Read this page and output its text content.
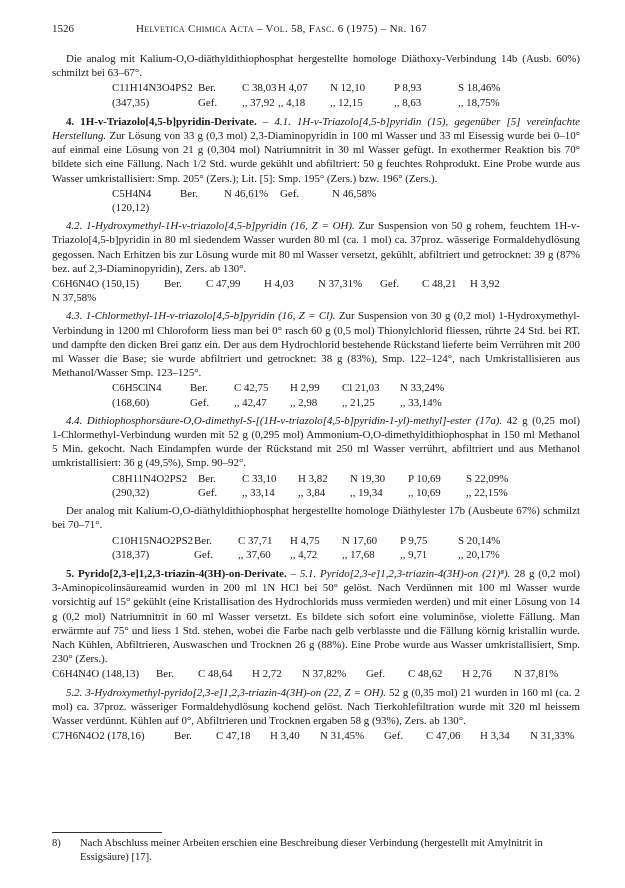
1526	Helvetica Chimica Acta – Vol. 58, Fasc. 6 (1975) – Nr. 167

Die analog mit Kalium-O,O-diäthyldithiophosphat hergestellte homologe Diäthoxy-Verbindung 14b (Ausb. 60%) schmilzt bei 63–67°.

C11H14N3O4PS2 Ber.	C 38,03 H 4,07	N 12,10	P 8,93	S 18,46%
(347,35)	Gef.	,, 37,92 ,, 4,18	,, 12,15	,, 8,63	,, 18,75%

4. 1H-v-Triazolo[4,5-b]pyridin-Derivate. – 4.1. 1H-v-Triazolo[4,5-b]pyridin (15), gegenüber [5] vereinfachte Herstellung. Zur Lösung von 33 g (0,3 mol) 2,3-Diaminopyridin in 100 ml Wasser und 33 ml Eisessig wurde bei 0–10° auf einmal eine Lösung von 21 g (0,304 mol) Natriumnitrit in 30 ml Wasser gefügt. In exothermer Reaktion bis 70° bildete sich eine Fällung. Nach 1/2 Std. wurde gekühlt und abfiltriert: 50 g feuchtes Rohprodukt. Eine Probe wurde aus Wasser umkristallisiert: Smp. 205° (Zers.); Lit. [5]: Smp. 195° (Zers.) bzw. 196° (Zers.).

C5H4N4	Ber.	N 46,61%	Gef.	N 46,58%
(120,12)

4.2. 1-Hydroxymethyl-1H-v-triazolo[4,5-b]pyridin (16, Z = OH). Zur Suspension von 50 g rohem, feuchtem 1H-v-Triazolo[4,5-b]pyridin in 80 ml siedendem Wasser wurden 80 ml (ca. 1 mol) ca. 37proz. wässerige Formaldehydlösung gegossen. Nach Erhitzen bis zur Lösung wurde mit 80 ml Wasser versetzt, gekühlt, abfiltriert und getrocknet: 39 g (87% bez. auf 2,3-Diaminopyridin), Zers. ab 130°.

C6H6N4O (150,15)	Ber.	C 47,99	H 4,03	N 37,31%	Gef.	C 48,21	H 3,92
N 37,58%

4.3. 1-Chlormethyl-1H-v-triazolo[4,5-b]pyridin (16, Z = Cl). Zur Suspension von 30 g (0,2 mol) 1-Hydroxymethyl-Verbindung in 1200 ml Chloroform liess man bei 0° rasch 60 g (0,5 mol) Thionylchlorid fliessen, rührte 24 Std. bei RT. und dampfte den dicken Brei ganz ein. Der aus dem Hydrochlorid bestehende Rückstand lieferte beim Verrühren mit 200 ml Wasser die Base; sie wurde abfiltriert und getrocknet: 38 g (83%), Smp. 122–124°, nach Umkristallisieren aus Methanol/Wasser Smp. 123–125°.

C6H5ClN4	Ber.	C 42,75	H 2,99	Cl 21,03	N 33,24%
(168,60)	Gef.	,, 42,47	,, 2,98	,, 21,25	,, 33,14%

4.4. Dithiophosphorsäure-O,O-dimethyl-S-[(1H-v-triazolo[4,5-b]pyridin-1-yl)-methyl]-ester (17a). 42 g (0,25 mol) 1-Chlormethyl-Verbindung wurden mit 52 g (0,295 mol) Ammonium-O,O-dimethyldithiophosphat in 150 ml Methanol 5 Min. gekocht. Nach Eindampfen wurde der Rückstand mit 250 ml Wasser verrührt, abfiltriert und aus Methanol umkristallisiert: 36 g (49,5%), Smp. 90–92°.

C8H11N4O2PS2 Ber.	C 33,10	H 3,82	N 19,30	P 10,69	S 22,09%
(290,32)	Gef.	,, 33,14	,, 3,84	,, 19,34	,, 10,69	,, 22,15%

Der analog mit Kalium-O,O-diäthyldithiophosphat hergestellte homologe Diäthylester 17b (Ausbeute 67%) schmilzt bei 70–71°.

C10H15N4O2PS2 Ber.	C 37,71	H 4,75	N 17,60	P 9,75	S 20,14%
(318,37)	Gef.	,, 37,60	,, 4,72	,, 17,68	,, 9,71	,, 20,17%

5. Pyrido[2,3-e]1,2,3-triazin-4(3H)-on-Derivate. – 5.1. Pyrido[2,3-e]1,2,3-triazin-4(3H)-on (21)⁸). 28 g (0,2 mol) 3-Aminopicolinsäureamid wurden in 200 ml 1N HCl bei 50° gelöst. Nach Verdünnen mit 100 ml Wasser wurde vorsichtig auf 15° gekühlt (eine Kristallisation des Hydrochlorids muss vermieden werden) und mit einer Lösung von 14 g (0,2 mol) Natriumnitrit in 60 ml Wasser versetzt. Es bildete sich sofort eine voluminöse, violette Fällung. Man erwärmte auf 75° und liess 1 Std. stehen, wobei die Farbe nach gelb verblasste und die Fällung körnig kristallin wurde. Nach Kühlen, Abfiltrieren, Auswaschen und Trocknen 26 g (88%). Eine Probe wurde aus Wasser umkristallisiert, Smp. 230° (Zers.).

C6H4N4O (148,13)	Ber.	C 48,64	H 2,72	N 37,82%	Gef.	C 48,62	H 2,76	N 37,81%

5.2. 3-Hydroxymethyl-pyrido[2,3-e]1,2,3-triazin-4(3H)-on (22, Z = OH). 52 g (0,35 mol) 21 wurden in 160 ml (ca. 2 mol) ca. 37proz. wässeriger Formaldehydlösung kochend gelöst. Nach Tierkohlefiltration wurde mit 320 ml heissem Wasser verdünnt. Kühlen auf 0°, Abfiltrieren und Trocknen ergaben 58 g (93%), Zers. ab 130°.

C7H6N4O2 (178,16)	Ber.	C 47,18	H 3,40	N 31,45%	Gef.	C 47,06	H 3,34	N 31,33%
8)	Nach Abschluss meiner Arbeiten erschien eine Beschreibung dieser Verbindung (hergestellt mit Amylnitrit in Essigsäure) [17].
